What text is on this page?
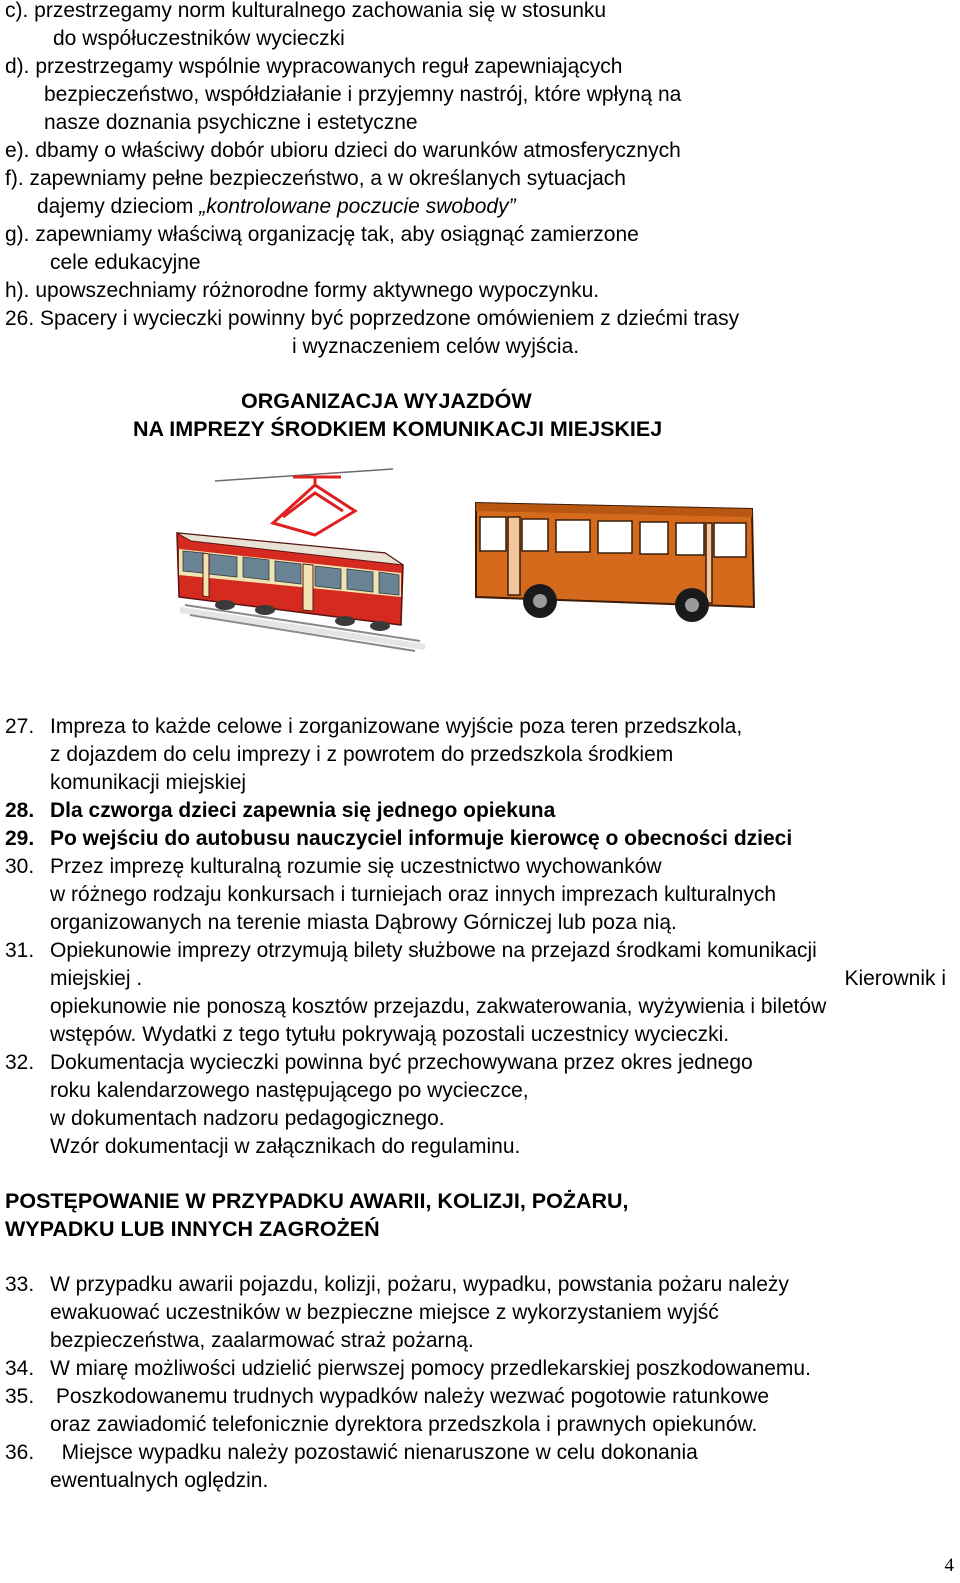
c). przestrzegamy norm kulturalnego zachowania się w stosunku
do współuczestników wycieczki
d). przestrzegamy wspólnie wypracowanych reguł zapewniających
bezpieczeństwo, współdziałanie i przyjemny nastrój, które wpłyną na
nasze doznania psychiczne i estetyczne
e). dbamy o właściwy dobór ubioru dzieci do warunków atmosferycznych
f). zapewniamy pełne bezpieczeństwo, a w określanych sytuacjach
dajemy dzieciom „kontrolowane poczucie swobody”
g). zapewniamy właściwą organizację tak, aby osiągnąć zamierzone
cele edukacyjne
h). upowszechniamy różnorodne formy aktywnego wypoczynku.
26. Spacery i wycieczki powinny być poprzedzone omówieniem z dziećmi trasy
i wyznaczeniem celów wyjścia.
ORGANIZACJA WYJAZDÓW
NA IMPREZY ŚRODKIEM KOMUNIKACJI MIEJSKIEJ
27. Impreza to każde celowe i zorganizowane wyjście poza teren przedszkola,
z dojazdem do celu imprezy i z powrotem do przedszkola środkiem
komunikacji miejskiej
28. Dla czworga dzieci zapewnia się jednego opiekuna
29. Po wejściu do autobusu nauczyciel informuje kierowcę o obecności dzieci
30. Przez imprezę kulturalną rozumie się uczestnictwo wychowanków
w różnego rodzaju konkursach i turniejach oraz innych imprezach kulturalnych
organizowanych na terenie miasta Dąbrowy Górniczej lub poza nią.
31. Opiekunowie imprezy otrzymują bilety służbowe na przejazd środkami komunikacji
miejskiej .	Kierownik i
opiekunowie nie ponoszą kosztów przejazdu, zakwaterowania, wyżywienia i biletów
wstępów. Wydatki z tego tytułu pokrywają pozostali uczestnicy wycieczki.
32. Dokumentacja wycieczki powinna być przechowywana przez okres jednego
roku kalendarzowego następującego po wycieczce,
w dokumentach nadzoru pedagogicznego.
Wzór dokumentacji w załącznikach do regulaminu.
POSTĘPOWANIE W PRZYPADKU AWARII, KOLIZJI, POŻARU,
WYPADKU LUB INNYCH ZAGROŻEŃ
33. W przypadku awarii pojazdu, kolizji, pożaru, wypadku, powstania pożaru należy
ewakuować uczestników w bezpieczne miejsce z wykorzystaniem wyjść
bezpieczeństwa, zaalarmować straż pożarną.
34. W miarę możliwości udzielić pierwszej pomocy przedlekarskiej poszkodowanemu.
35. Poszkodowanemu trudnych wypadków należy wezwać pogotowie ratunkowe
oraz zawiadomić telefonicznie dyrektora przedszkola i prawnych opiekunów.
36. Miejsce wypadku należy pozostawić nienaruszone w celu dokonania
ewentualnych oględzin.
4
